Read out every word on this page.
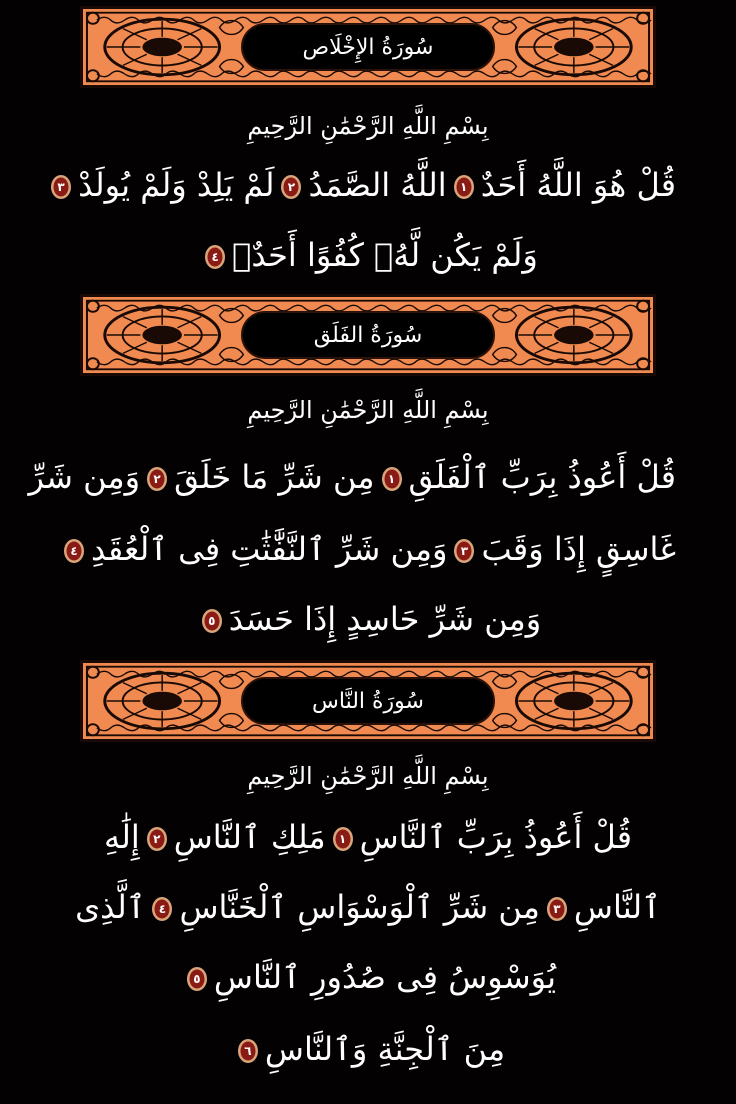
سُورَةُ الإِخْلَاص
بِسْمِ اللَّهِ الرَّحْمَٰنِ الرَّحِيمِ
قُلْ هُوَ اللَّهُ أَحَدٌ
١
اللَّهُ الصَّمَدُ
٢
لَمْ يَلِدْ وَلَمْ يُولَدْ
٣
وَلَمْ يَكُن لَّهُۥ كُفُوًا أَحَدٌۢ
٤
سُورَةُ الفَلَق
بِسْمِ اللَّهِ الرَّحْمَٰنِ الرَّحِيمِ
قُلْ أَعُوذُ بِرَبِّ ٱلْفَلَقِ
١
مِن شَرِّ مَا خَلَقَ
٢
وَمِن شَرِّ
غَاسِقٍ إِذَا وَقَبَ
٣
وَمِن شَرِّ ٱلنَّفَّٰثَٰتِ فِى ٱلْعُقَدِ
٤
وَمِن شَرِّ حَاسِدٍ إِذَا حَسَدَ
٥
سُورَةُ النَّاس
بِسْمِ اللَّهِ الرَّحْمَٰنِ الرَّحِيمِ
قُلْ أَعُوذُ بِرَبِّ ٱلنَّاسِ
١
مَلِكِ ٱلنَّاسِ
٢
إِلَٰهِ
ٱلنَّاسِ
٣
مِن شَرِّ ٱلْوَسْوَاسِ ٱلْخَنَّاسِ
٤
ٱلَّذِى
يُوَسْوِسُ فِى صُدُورِ ٱلنَّاسِ
٥
مِنَ ٱلْجِنَّةِ وَٱلنَّاسِ
٦
